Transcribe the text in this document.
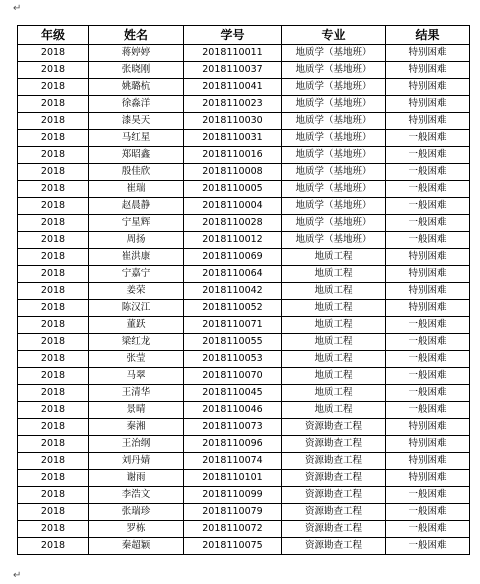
↵
年级	姓名	学号	专业	结果
2018	蒋婷婷	2018110011	地质学（基地班）	特别困难
2018	张晓刚	2018110037	地质学（基地班）	特别困难
2018	姚璐杭	2018110041	地质学（基地班）	特别困难
2018	徐淼洋	2018110023	地质学（基地班）	特别困难
2018	漆昊天	2018110030	地质学（基地班）	特别困难
2018	马红星	2018110031	地质学（基地班）	一般困难
2018	郑昭鑫	2018110016	地质学（基地班）	一般困难
2018	殷佳欣	2018110008	地质学（基地班）	一般困难
2018	崔瑞	2018110005	地质学（基地班）	一般困难
2018	赵晨静	2018110004	地质学（基地班）	一般困难
2018	宁星辉	2018110028	地质学（基地班）	一般困难
2018	周扬	2018110012	地质学（基地班）	一般困难
2018	崔洪康	2018110069	地质工程	特别困难
2018	宁嘉宁	2018110064	地质工程	特别困难
2018	姜荣	2018110042	地质工程	特别困难
2018	陈汉江	2018110052	地质工程	特别困难
2018	董跃	2018110071	地质工程	一般困难
2018	梁红龙	2018110055	地质工程	一般困难
2018	张莹	2018110053	地质工程	一般困难
2018	马翠	2018110070	地质工程	一般困难
2018	王清华	2018110045	地质工程	一般困难
2018	景晴	2018110046	地质工程	一般困难
2018	秦湘	2018110073	资源勘查工程	特别困难
2018	王治纲	2018110096	资源勘查工程	特别困难
2018	刘丹婧	2018110074	资源勘查工程	特别困难
2018	谢雨	2018110101	资源勘查工程	特别困难
2018	李浩文	2018110099	资源勘查工程	一般困难
2018	张瑞珍	2018110079	资源勘查工程	一般困难
2018	罗栋	2018110072	资源勘查工程	一般困难
2018	秦超颖	2018110075	资源勘查工程	一般困难
↵
